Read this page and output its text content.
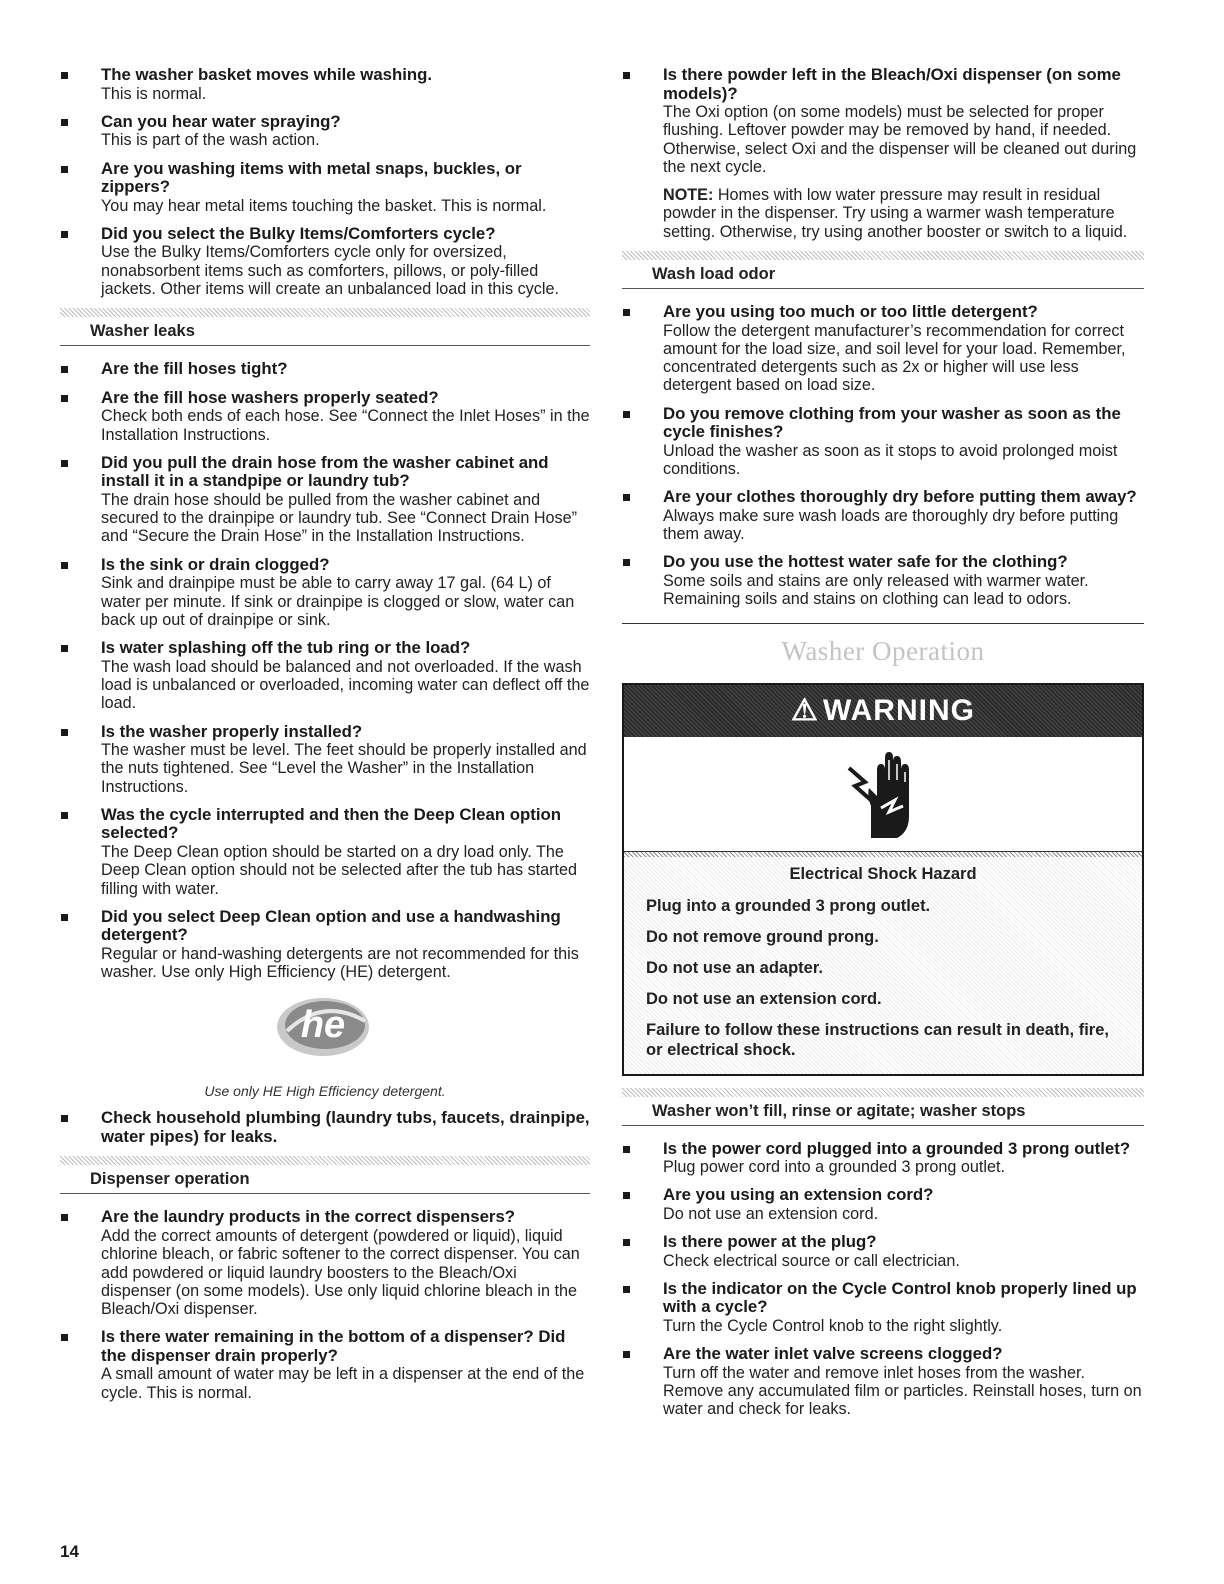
The washer basket moves while washing.

This is normal.

Can you hear water spraying?

This is part of the wash action.

Are you washing items with metal snaps, buckles, or zippers?

You may hear metal items touching the basket. This is normal.

Did you select the Bulky Items/Comforters cycle?

Use the Bulky Items/Comforters cycle only for oversized, nonabsorbent items such as comforters, pillows, or poly-filled jackets. Other items will create an unbalanced load in this cycle.

Washer leaks
Are the fill hoses tight?
Are the fill hose washers properly seated?

Check both ends of each hose. See “Connect the Inlet Hoses” in the Installation Instructions.

Did you pull the drain hose from the washer cabinet and install it in a standpipe or laundry tub?

The drain hose should be pulled from the washer cabinet and secured to the drainpipe or laundry tub. See “Connect Drain Hose” and “Secure the Drain Hose” in the Installation Instructions.

Is the sink or drain clogged?

Sink and drainpipe must be able to carry away 17 gal. (64 L) of water per minute. If sink or drainpipe is clogged or slow, water can back up out of drainpipe or sink.

Is water splashing off the tub ring or the load?

The wash load should be balanced and not overloaded. If the wash load is unbalanced or overloaded, incoming water can deflect off the load.

Is the washer properly installed?

The washer must be level. The feet should be properly installed and the nuts tightened. See “Level the Washer” in the Installation Instructions.

Was the cycle interrupted and then the Deep Clean option selected?

The Deep Clean option should be started on a dry load only. The Deep Clean option should not be selected after the tub has started filling with water.

Did you select Deep Clean option and use a handwashing detergent?

Regular or hand-washing detergents are not recommended for this washer. Use only High Efficiency (HE) detergent.

he
Use only HE High Efficiency detergent.
Check household plumbing (laundry tubs, faucets, drainpipe, water pipes) for leaks.
Dispenser operation
Are the laundry products in the correct dispensers?

Add the correct amounts of detergent (powdered or liquid), liquid chlorine bleach, or fabric softener to the correct dispenser. You can add powdered or liquid laundry boosters to the Bleach/Oxi dispenser (on some models). Use only liquid chlorine bleach in the Bleach/Oxi dispenser.

Is there water remaining in the bottom of a dispenser? Did the dispenser drain properly?

A small amount of water may be left in a dispenser at the end of the cycle. This is normal.

Is there powder left in the Bleach/Oxi dispenser (on some models)?

The Oxi option (on some models) must be selected for proper flushing. Leftover powder may be removed by hand, if needed. Otherwise, select Oxi and the dispenser will be cleaned out during the next cycle.

NOTE: Homes with low water pressure may result in residual powder in the dispenser. Try using a warmer wash temperature setting. Otherwise, try using another booster or switch to a liquid.

Wash load odor
Are you using too much or too little detergent?

Follow the detergent manufacturer’s recommendation for correct amount for the load size, and soil level for your load. Remember, concentrated detergents such as 2x or higher will use less detergent based on load size.

Do you remove clothing from your washer as soon as the cycle finishes?

Unload the washer as soon as it stops to avoid prolonged moist conditions.

Are your clothes thoroughly dry before putting them away?

Always make sure wash loads are thoroughly dry before putting them away.

Do you use the hottest water safe for the clothing?

Some soils and stains are only released with warmer water. Remaining soils and stains on clothing can lead to odors.

Washer Operation
⚠ WARNING
Electrical Shock Hazard
Plug into a grounded 3 prong outlet.
Do not remove ground prong.
Do not use an adapter.
Do not use an extension cord.
Failure to follow these instructions can result in death, fire, or electrical shock.
Washer won’t fill, rinse or agitate; washer stops
Is the power cord plugged into a grounded 3 prong outlet?

Plug power cord into a grounded 3 prong outlet.

Are you using an extension cord?

Do not use an extension cord.

Is there power at the plug?

Check electrical source or call electrician.

Is the indicator on the Cycle Control knob properly lined up with a cycle?

Turn the Cycle Control knob to the right slightly.

Are the water inlet valve screens clogged?

Turn off the water and remove inlet hoses from the washer. Remove any accumulated film or particles. Reinstall hoses, turn on water and check for leaks.

14
